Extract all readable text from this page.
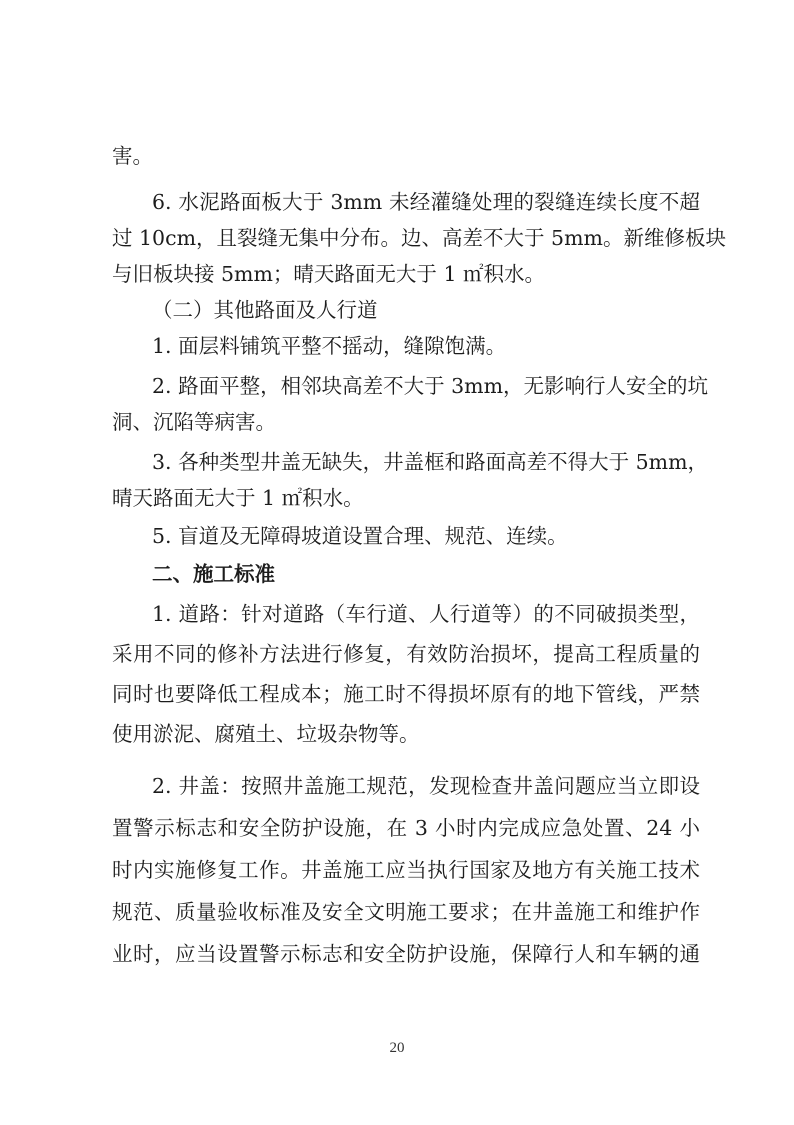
害。
6. 水泥路面板大于 3mm 未经灌缝处理的裂缝连续长度不超
过 10cm，且裂缝无集中分布。边、高差不大于 5mm。新维修板块
与旧板块接 5mm；晴天路面无大于 1 ㎡积水。
（二）其他路面及人行道
1. 面层料铺筑平整不摇动，缝隙饱满。
2. 路面平整，相邻块高差不大于 3mm，无影响行人安全的坑
洞、沉陷等病害。
3. 各种类型井盖无缺失，井盖框和路面高差不得大于 5mm，
晴天路面无大于 1 ㎡积水。
5. 盲道及无障碍坡道设置合理、规范、连续。
二、施工标准
1. 道路：针对道路（车行道、人行道等）的不同破损类型，
采用不同的修补方法进行修复，有效防治损坏，提高工程质量的
同时也要降低工程成本；施工时不得损坏原有的地下管线，严禁
使用淤泥、腐殖土、垃圾杂物等。
2. 井盖：按照井盖施工规范，发现检查井盖问题应当立即设
置警示标志和安全防护设施，在 3 小时内完成应急处置、24 小
时内实施修复工作。井盖施工应当执行国家及地方有关施工技术
规范、质量验收标准及安全文明施工要求；在井盖施工和维护作
业时，应当设置警示标志和安全防护设施，保障行人和车辆的通
20
